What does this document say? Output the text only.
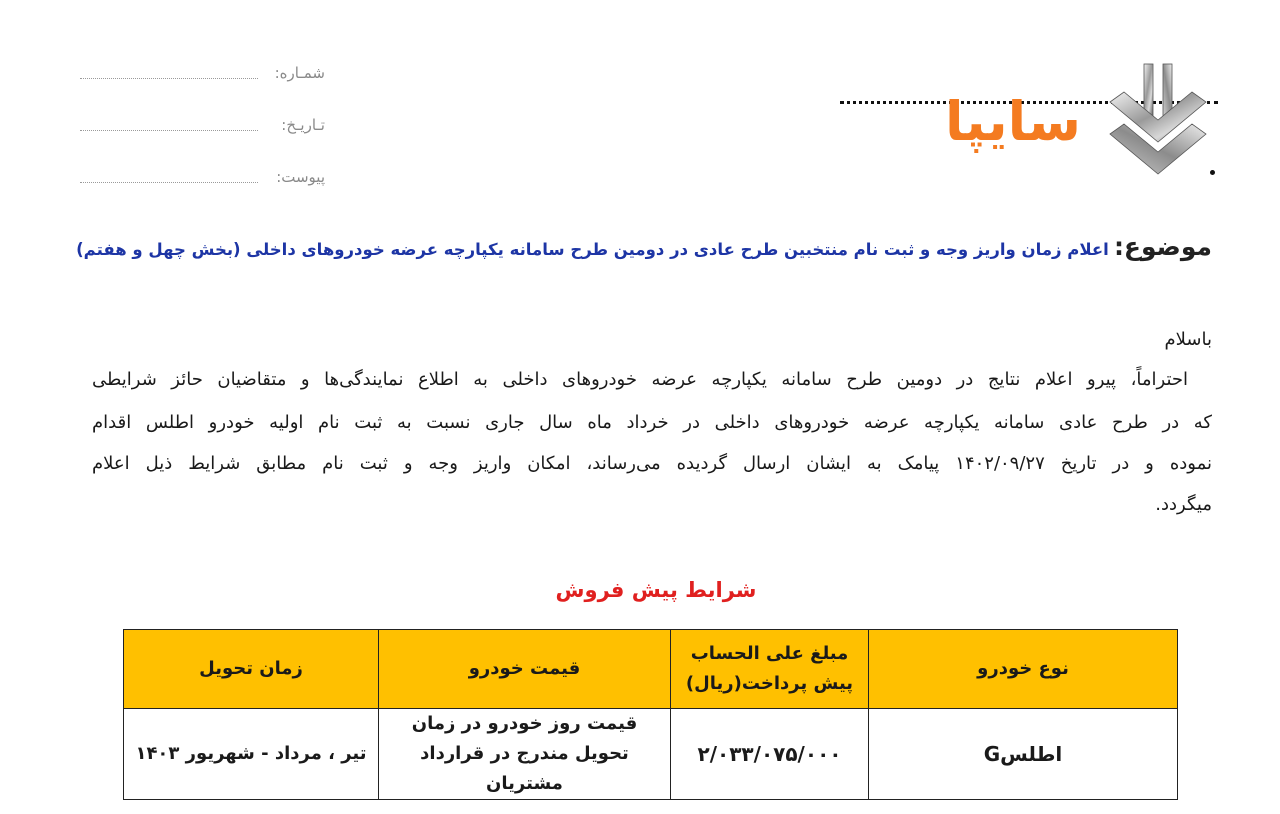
شمـاره:
تـاریـخ:
پیوست:
سایپا
موضوع: اعلام زمان واریز وجه و ثبت نام منتخبین طرح عادی در دومین طرح سامانه یکپارچه عرضه خودروهای داخلی (بخش چهل و هفتم)
باسلام
احتراماً، پیرو اعلام نتایج در دومین طرح سامانه یکپارچه عرضه خودروهای داخلی به اطلاع نمایندگی‌ها و متقاضیان حائز شرایطی
که در طرح عادی سامانه یکپارچه عرضه خودروهای داخلی در خرداد ماه سال جاری نسبت به ثبت نام اولیه خودرو اطلس اقدام
نموده و در تاریخ ۱۴۰۲/۰۹/۲۷ پیامک به ایشان ارسال گردیده می‌رساند، امکان واریز وجه و ثبت نام مطابق شرایط ذیل اعلام
میگردد.
شرایط پیش فروش
نوع خودرو	مبلغ علی الحساب پیش پرداخت(ریال)	قیمت خودرو	زمان تحویل
اطلسG	۲/۰۳۳/۰۷۵/۰۰۰	قیمت روز خودرو در زمان تحویل مندرج در قرارداد مشتریان	تیر ، مرداد - شهریور ۱۴۰۳
